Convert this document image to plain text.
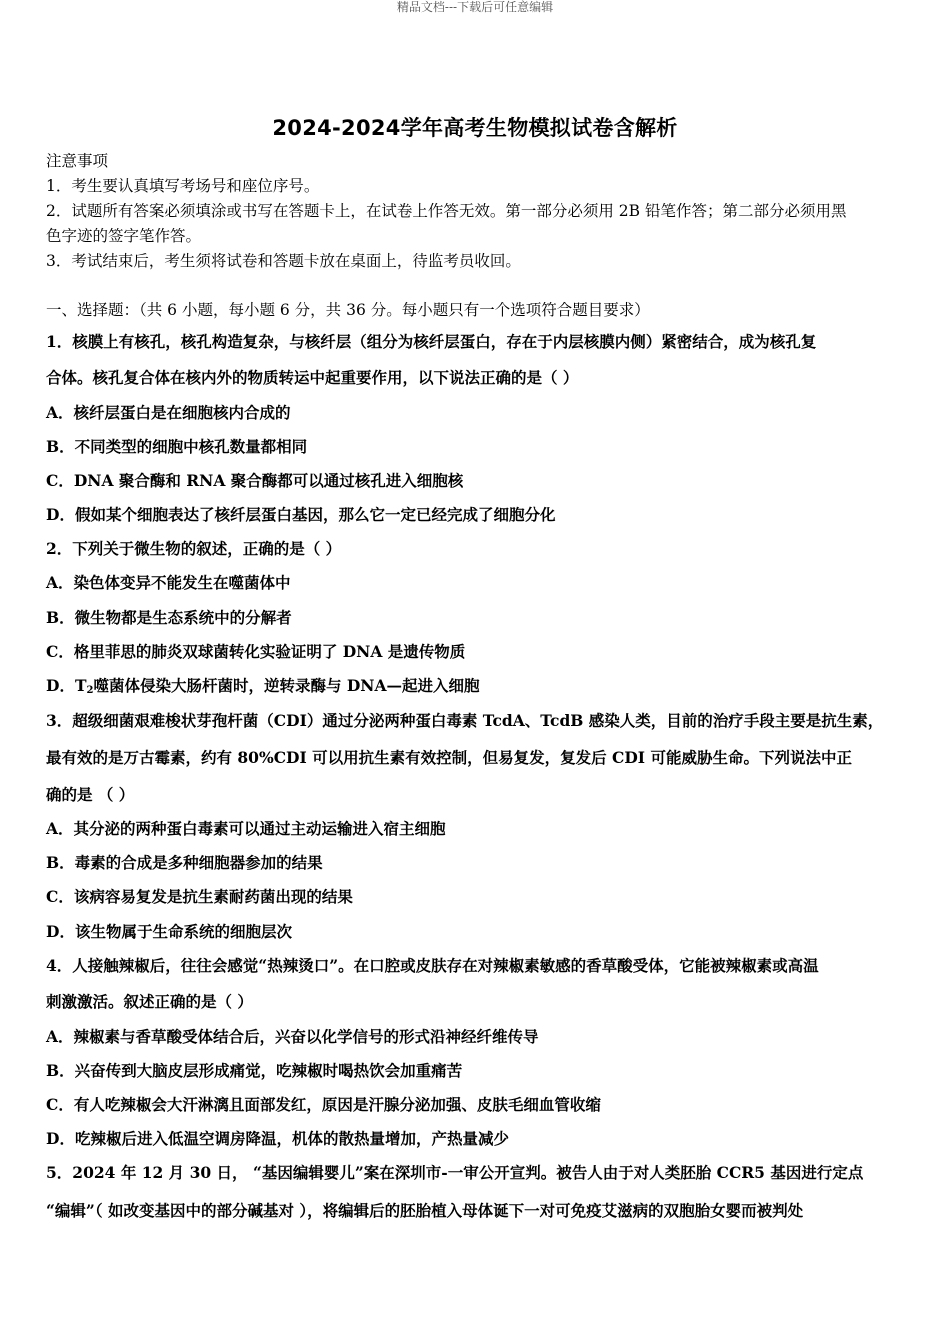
精品文档---下载后可任意编辑
2024-2024学年高考生物模拟试卷含解析
注意事项
1．考生要认真填写考场号和座位序号。
2．试题所有答案必须填涂或书写在答题卡上，在试卷上作答无效。第一部分必须用 2B 铅笔作答；第二部分必须用黑
色字迹的签字笔作答。
3．考试结束后，考生须将试卷和答题卡放在桌面上，待监考员收回。
一、选择题：（共 6 小题，每小题 6 分，共 36 分。每小题只有一个选项符合题目要求）
1．核膜上有核孔，核孔构造复杂，与核纤层（组分为核纤层蛋白，存在于内层核膜内侧）紧密结合，成为核孔复
合体。核孔复合体在核内外的物质转运中起重要作用，以下说法正确的是（ ）
A．核纤层蛋白是在细胞核内合成的
B．不同类型的细胞中核孔数量都相同
C．DNA 聚合酶和 RNA 聚合酶都可以通过核孔进入细胞核
D．假如某个细胞表达了核纤层蛋白基因，那么它一定已经完成了细胞分化
2．下列关于微生物的叙述，正确的是（ ）
A．染色体变异不能发生在噬菌体中
B．微生物都是生态系统中的分解者
C．格里菲思的肺炎双球菌转化实验证明了 DNA 是遗传物质
D．$T_2$噬菌体侵染大肠杆菌时，逆转录酶与 DNA—起进入细胞
3．超级细菌艰难梭状芽孢杆菌（CDI）通过分泌两种蛋白毒素 TcdA、TcdB 感染人类，目前的治疗手段主要是抗生素，
最有效的是万古霉素，约有 80%CDI 可以用抗生素有效控制，但易复发，复发后 CDI 可能威胁生命。下列说法中正
确的是 （ ）
A．其分泌的两种蛋白毒素可以通过主动运输进入宿主细胞
B．毒素的合成是多种细胞器参加的结果
C．该病容易复发是抗生素耐药菌出现的结果
D．该生物属于生命系统的细胞层次
4．人接触辣椒后，往往会感觉“热辣烫口”。在口腔或皮肤存在对辣椒素敏感的香草酸受体，它能被辣椒素或高温
刺激激活。叙述正确的是（ ）
A．辣椒素与香草酸受体结合后，兴奋以化学信号的形式沿神经纤维传导
B．兴奋传到大脑皮层形成痛觉，吃辣椒时喝热饮会加重痛苦
C．有人吃辣椒会大汗淋漓且面部发红，原因是汗腺分泌加强、皮肤毛细血管收缩
D．吃辣椒后进入低温空调房降温，机体的散热量增加，产热量减少
5．2024 年 12 月 30 日， “基因编辑婴儿”案在深圳市-一审公开宣判。被告人由于对人类胚胎 CCR5 基因进行定点
“编辑”（ 如改变基因中的部分碱基对 ），将编辑后的胚胎植入母体诞下一对可免疫艾滋病的双胞胎女婴而被判处
